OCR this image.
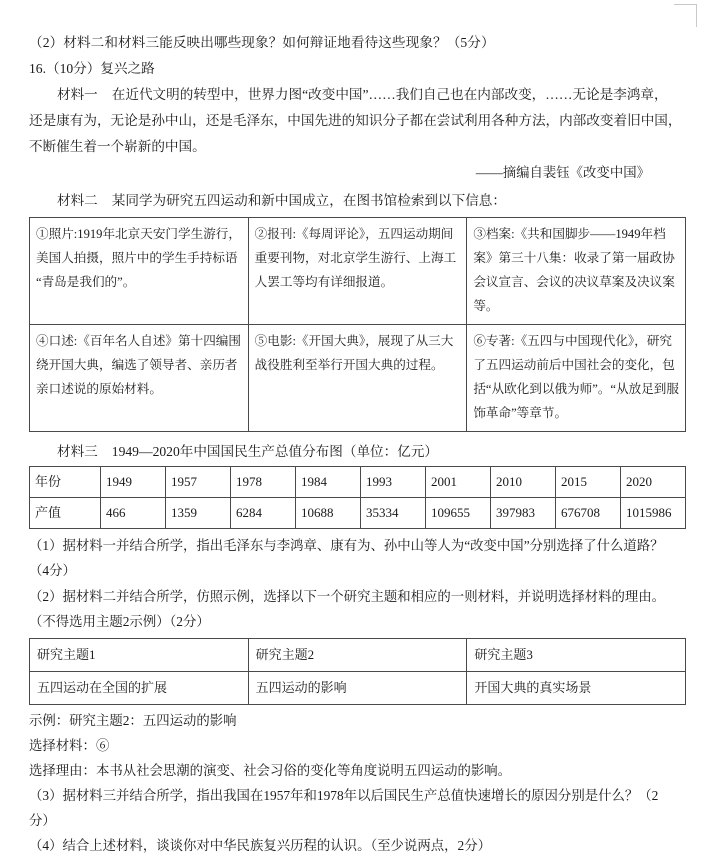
（2）材料二和材料三能反映出哪些现象？如何辩证地看待这些现象？（5分）
16.（10分）复兴之路
材料一 在近代文明的转型中，世界力图“改变中国”……我们自己也在内部改变，……无论是李鸿章，
还是康有为，无论是孙中山，还是毛泽东，中国先进的知识分子都在尝试利用各种方法，内部改变着旧中国，
不断催生着一个崭新的中国。
——摘编自裴钰《改变中国》
材料二 某同学为研究五四运动和新中国成立，在图书馆检索到以下信息：
①照片:1919年北京天安门学生游行，美国人拍摄，照片中的学生手持标语“青岛是我们的”。	②报刊:《每周评论》，五四运动期间重要刊物，对北京学生游行、上海工人罢工等均有详细报道。	③档案:《共和国脚步——1949年档案》第三十八集：收录了第一届政协会议宣言、会议的决议草案及决议案等。
④口述:《百年名人自述》第十四编围绕开国大典，编选了领导者、亲历者亲口述说的原始材料。	⑤电影:《开国大典》，展现了从三大战役胜利至举行开国大典的过程。	⑥专著:《五四与中国现代化》，研究了五四运动前后中国社会的变化，包括“从欧化到以俄为师”。“从放足到服饰革命”等章节。
材料三 1949—2020年中国国民生产总值分布图（单位：亿元）
年份	1949	1957	1978	1984	1993	2001	2010	2015	2020
产值	466	1359	6284	10688	35334	109655	397983	676708	1015986
（1）据材料一并结合所学，指出毛泽东与李鸿章、康有为、孙中山等人为“改变中国”分别选择了什么道路？
（4分）
（2）据材料二并结合所学，仿照示例，选择以下一个研究主题和相应的一则材料，并说明选择材料的理由。
（不得选用主题2示例）（2分）
研究主题1	研究主题2	研究主题3
五四运动在全国的扩展	五四运动的影响	开国大典的真实场景
示例：研究主题2：五四运动的影响
选择材料：⑥
选择理由：本书从社会思潮的演变、社会习俗的变化等角度说明五四运动的影响。
（3）据材料三并结合所学，指出我国在1957年和1978年以后国民生产总值快速增长的原因分别是什么？（2
分）
（4）结合上述材料，谈谈你对中华民族复兴历程的认识。（至少说两点，2分）
